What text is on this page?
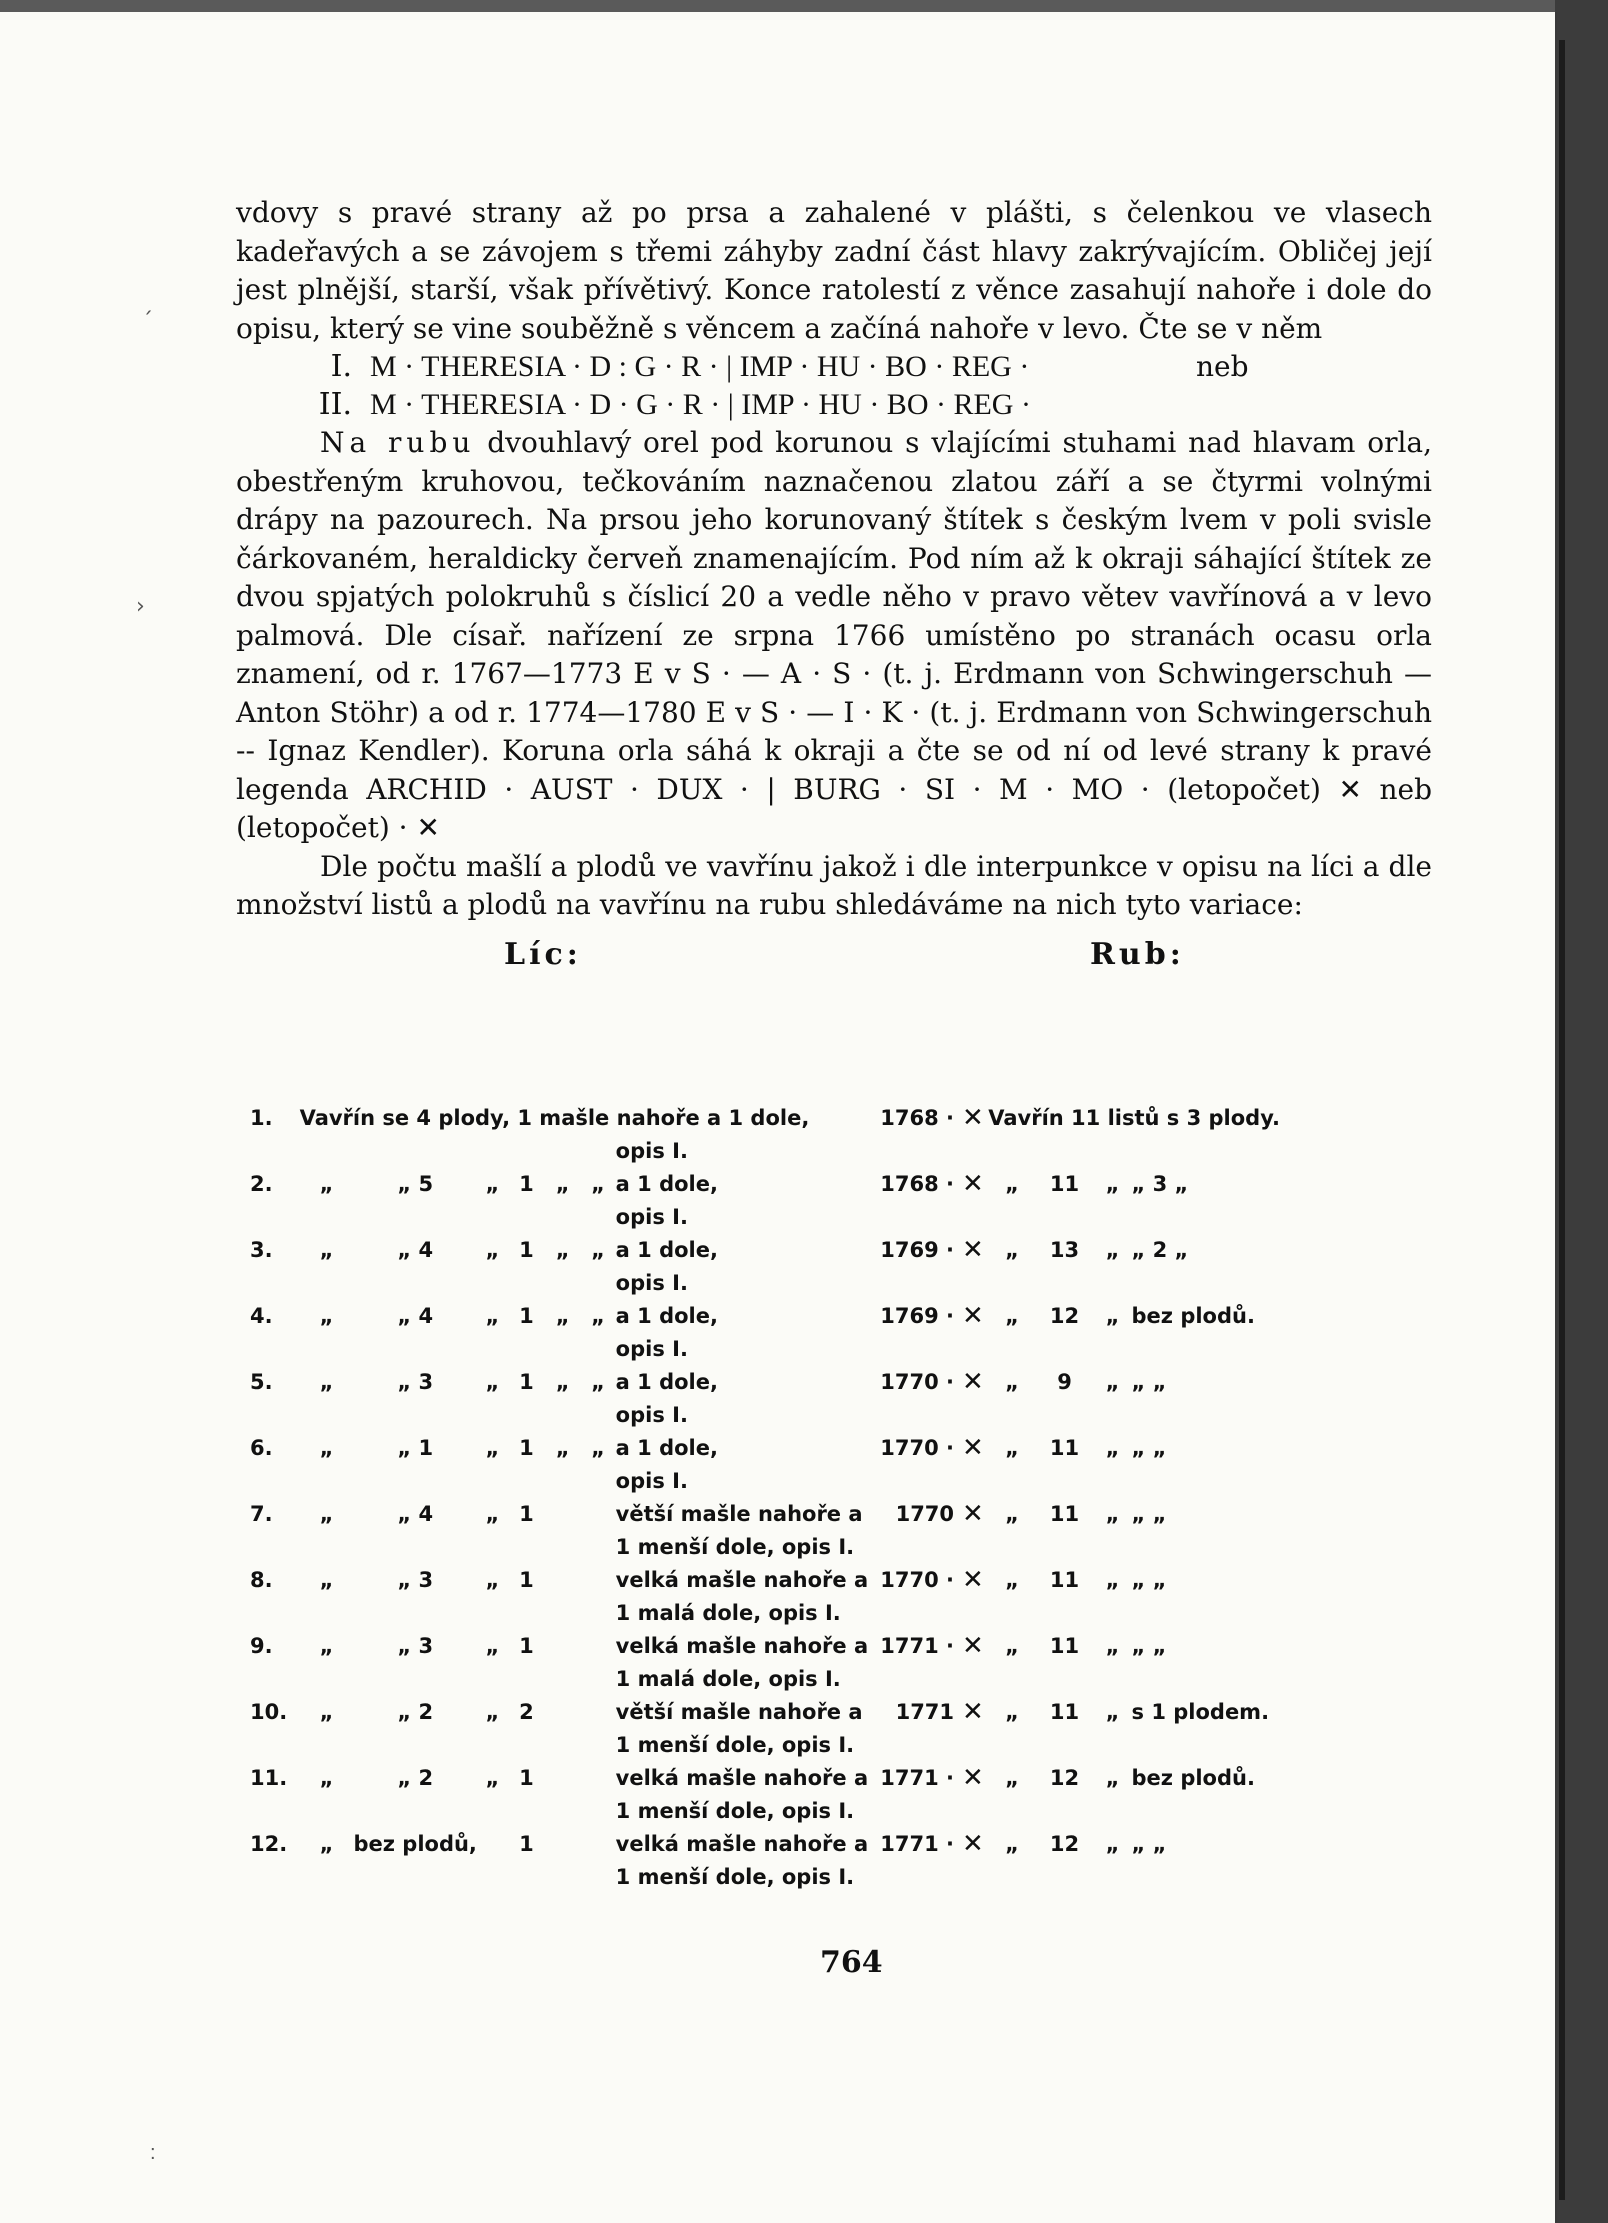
vdovy s pravé strany až po prsa a zahalené v plášti, s čelenkou ve vlasech kadeřavých a se závojem s třemi záhyby zadní část hlavy zakrývajícím. Obličej její jest plnější, starší, však přívětivý. Konce ratolestí z věnce zasahují nahoře i dole do opisu, který se vine souběžně s věncem a začíná nahoře v levo. Čte se v něm

I. M · THERESIA · D : G · R · | IMP · HU · BO · REG ·	neb
II. M · THERESIA · D · G · R · | IMP · HU · BO · REG ·

Na rubu dvouhlavý orel pod korunou s vlajícími stuhami nad hlavam orla, obestřeným kruhovou, tečkováním naznačenou zlatou září a se čtyrmi volnými drápy na pazourech. Na prsou jeho korunovaný štítek s českým lvem v poli svisle čárkovaném, heraldicky červeň znamenajícím. Pod ním až k okraji sáhající štítek ze dvou spjatých polokruhů s číslicí 20 a vedle něho v pravo větev vavřínová a v levo palmová. Dle císař. nařízení ze srpna 1766 umístěno po stranách ocasu orla znamení, od r. 1767—1773 E v S · — A · S · (t. j. Erdmann von Schwingerschuh — Anton Stöhr) a od r. 1774—1780 E v S · — I · K · (t. j. Erdmann von Schwingerschuh -- Ignaz Kendler). Koruna orla sáhá k okraji a čte se od ní od levé strany k pravé legenda ARCHID · AUST · DUX · | BURG · SI · M · MO · (letopočet) ✕ neb (letopočet) · ✕

Dle počtu mašlí a plodů ve vavřínu jakož i dle interpunkce v opisu na líci a dle množství listů a plodů na vavřínu na rubu shledáváme na nich tyto variace:

Líc:	Rub:
1.	Vavřín se 4 plody, 1 mašle nahoře a 1 dole,							1768 ·	✕	Vavřín 11 listů s 3 plody.			
							opis I.						
2.	„	„ 5	„	1	„	„	a 1 dole,	1768 ·	✕	„	11	„	„ 3 „
							opis I.						
3.	„	„ 4	„	1	„	„	a 1 dole,	1769 ·	✕	„	13	„	„ 2 „
							opis I.						
4.	„	„ 4	„	1	„	„	a 1 dole,	1769 ·	✕	„	12	„	bez plodů.
							opis I.						
5.	„	„ 3	„	1	„	„	a 1 dole,	1770 ·	✕	„	9	„	„ „
							opis I.						
6.	„	„ 1	„	1	„	„	a 1 dole,	1770 ·	✕	„	11	„	„ „
							opis I.						
7.	„	„ 4	„	1			větší mašle nahoře a	1770	✕	„	11	„	„ „
							1 menší dole, opis I.						
8.	„	„ 3	„	1			velká mašle nahoře a	1770 ·	✕	„	11	„	„ „
							1 malá dole, opis I.						
9.	„	„ 3	„	1			velká mašle nahoře a	1771 ·	✕	„	11	„	„ „
							1 malá dole, opis I.						
10.	„	„ 2	„	2			větší mašle nahoře a	1771	✕	„	11	„	s 1 plodem.
							1 menší dole, opis I.						
11.	„	„ 2	„	1			velká mašle nahoře a	1771 ·	✕	„	12	„	bez plodů.
							1 menší dole, opis I.						
12.	„	bez plodů,		1			velká mašle nahoře a	1771 ·	✕	„	12	„	„ „
							1 menší dole, opis I.						
764
ˏ
›
˸
